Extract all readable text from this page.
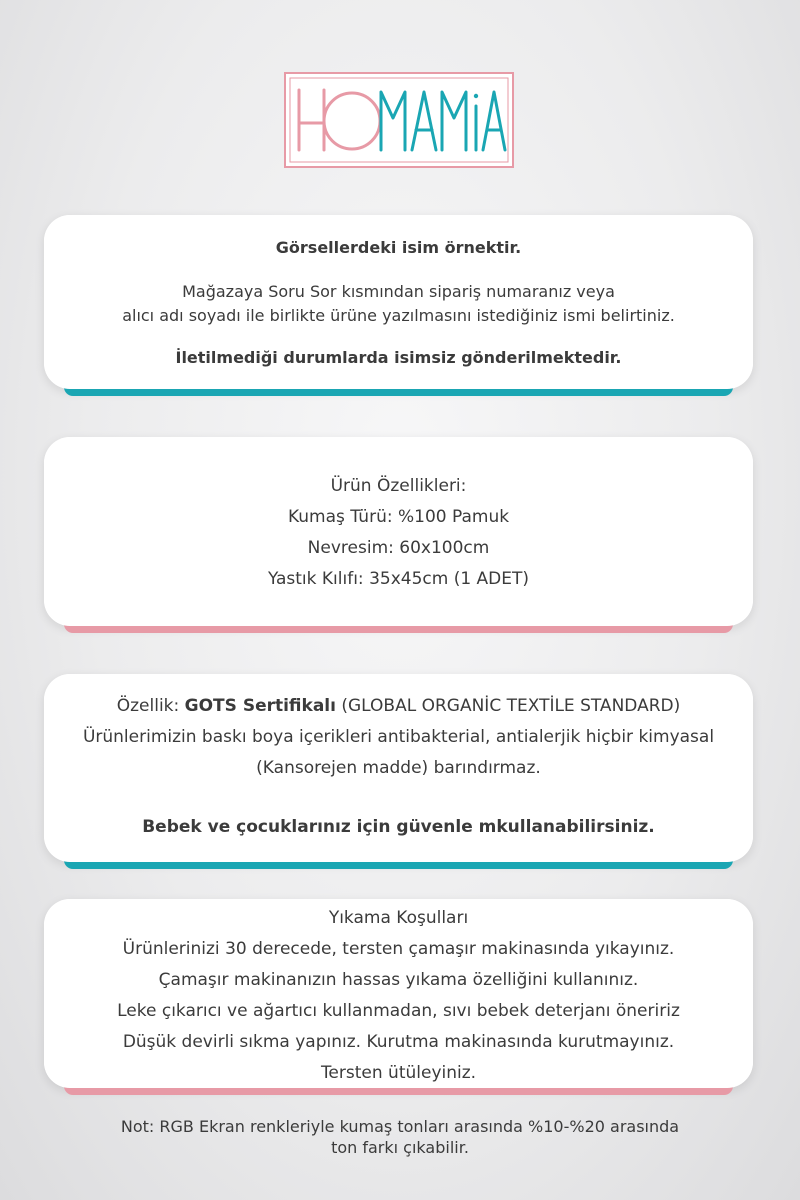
Görsellerdeki isim örnektir.
Mağazaya Soru Sor kısmından sipariş numaranız veya
alıcı adı soyadı ile birlikte ürüne yazılmasını istediğiniz ismi belirtiniz.
İletilmediği durumlarda isimsiz gönderilmektedir.
Ürün Özellikleri:
Kumaş Türü: %100 Pamuk
Nevresim: 60x100cm
Yastık Kılıfı: 35x45cm (1 ADET)
Özellik: GOTS Sertifikalı (GLOBAL ORGANİC TEXTİLE STANDARD)
Ürünlerimizin baskı boya içerikleri antibakterial, antialerjik hiçbir kimyasal
(Kansorejen madde) barındırmaz.
Bebek ve çocuklarınız için güvenle mkullanabilirsiniz.
Yıkama Koşulları
Ürünlerinizi 30 derecede, tersten çamaşır makinasında yıkayınız.
Çamaşır makinanızın hassas yıkama özelliğini kullanınız.
Leke çıkarıcı ve ağartıcı kullanmadan, sıvı bebek deterjanı öneririz
Düşük devirli sıkma yapınız. Kurutma makinasında kurutmayınız.
Tersten ütüleyiniz.
Not: RGB Ekran renkleriyle kumaş tonları arasında %10-%20 arasında
ton farkı çıkabilir.
